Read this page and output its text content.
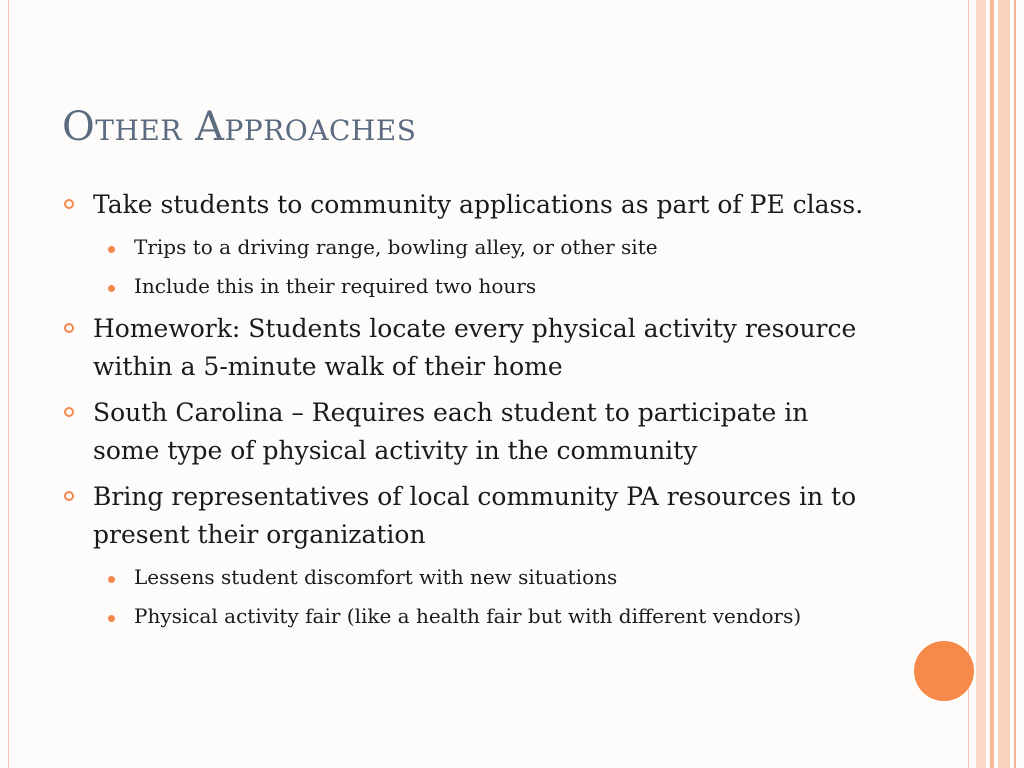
Other Approaches
Take students to community applications as part of PE class.
Trips to a driving range, bowling alley, or other site
Include this in their required two hours
Homework: Students locate every physical activity resource within a 5-minute walk of their home
South Carolina – Requires each student to participate in some type of physical activity in the community
Bring representatives of local community PA resources in to present their organization
Lessens student discomfort with new situations
Physical activity fair (like a health fair but with different vendors)
